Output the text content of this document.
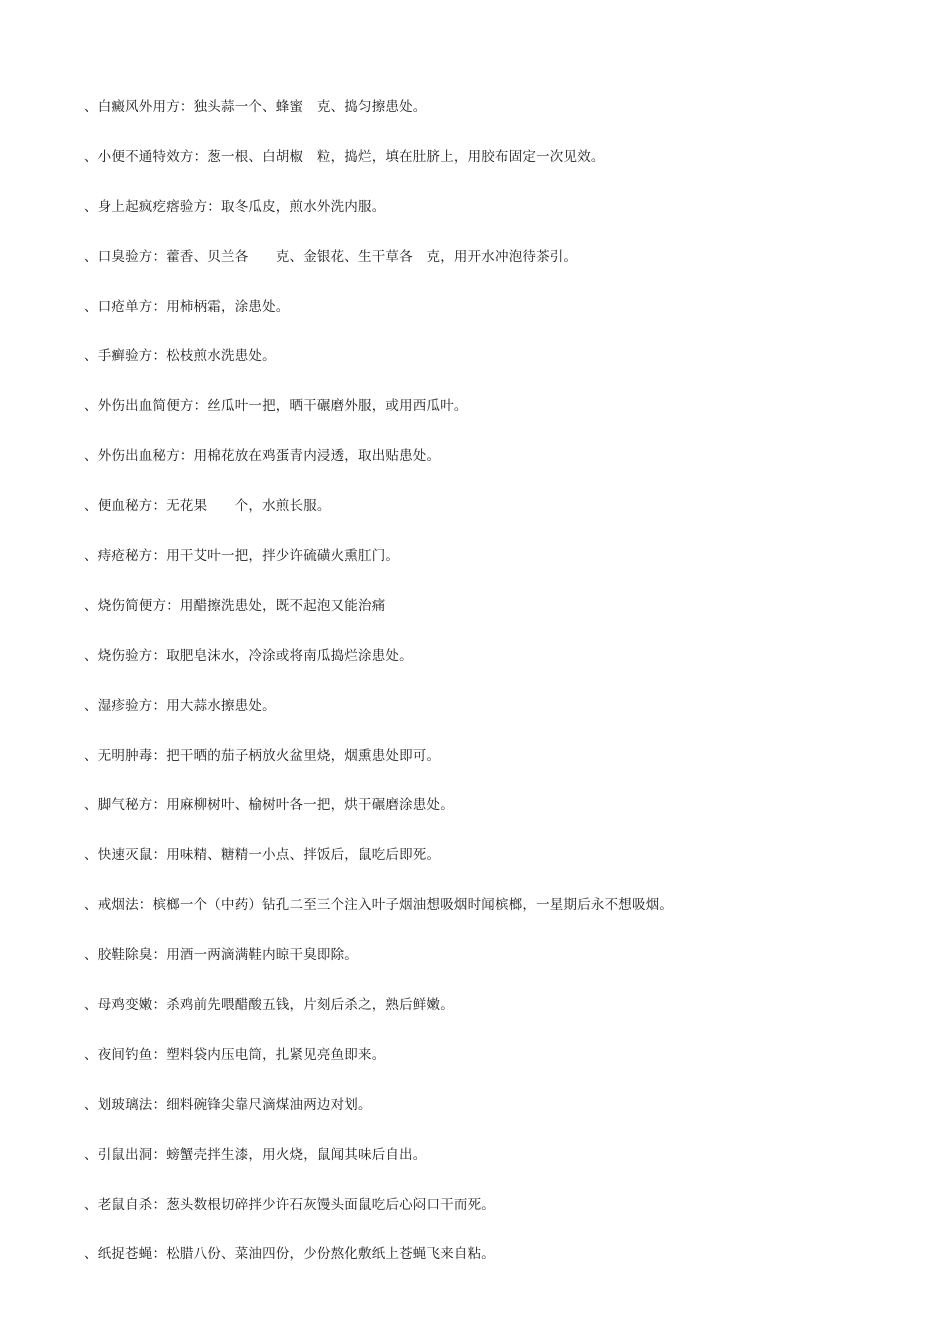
、白癜风外用方：独头蒜一个、蜂蜜　克、捣匀擦患处。
、小便不通特效方：葱一根、白胡椒　粒，捣烂，填在肚脐上，用胶布固定一次见效。
、身上起疯疙瘩验方：取冬瓜皮，煎水外洗内服。
、口臭验方：藿香、贝兰各　　克、金银花、生干草各　克，用开水冲泡待茶引。
、口疮单方：用柿柄霜，涂患处。
、手癣验方：松枝煎水洗患处。
、外伤出血简便方：丝瓜叶一把，晒干碾磨外服，或用西瓜叶。
、外伤出血秘方：用棉花放在鸡蛋青内浸透，取出贴患处。
、便血秘方：无花果　　个，水煎长服。
、痔疮秘方：用干艾叶一把，拌少许硫磺火熏肛门。
、烧伤简便方：用醋擦洗患处，既不起泡又能治痛
、烧伤验方：取肥皂沫水，冷涂或将南瓜捣烂涂患处。
、湿疹验方：用大蒜水擦患处。
、无明肿毒：把干晒的茄子柄放火盆里烧，烟熏患处即可。
、脚气秘方：用麻柳树叶、榆树叶各一把，烘干碾磨涂患处。
、快速灭鼠：用味精、糖精一小点、拌饭后，鼠吃后即死。
、戒烟法：槟榔一个（中药）钻孔二至三个注入叶子烟油想吸烟时闻槟榔，一星期后永不想吸烟。
、胶鞋除臭：用酒一两滴满鞋内晾干臭即除。
、母鸡变嫩：杀鸡前先喂醋酸五钱，片刻后杀之，熟后鲜嫩。
、夜间钓鱼：塑料袋内压电筒，扎紧见亮鱼即来。
、划玻璃法：细料碗锋尖靠尺滴煤油两边对划。
、引鼠出洞：螃蟹壳拌生漆，用火烧，鼠闻其味后自出。
、老鼠自杀：葱头数根切碎拌少许石灰馒头面鼠吃后心闷口干而死。
、纸捉苍蝇：松腊八份、菜油四份，少份熬化敷纸上苍蝇飞来自粘。
